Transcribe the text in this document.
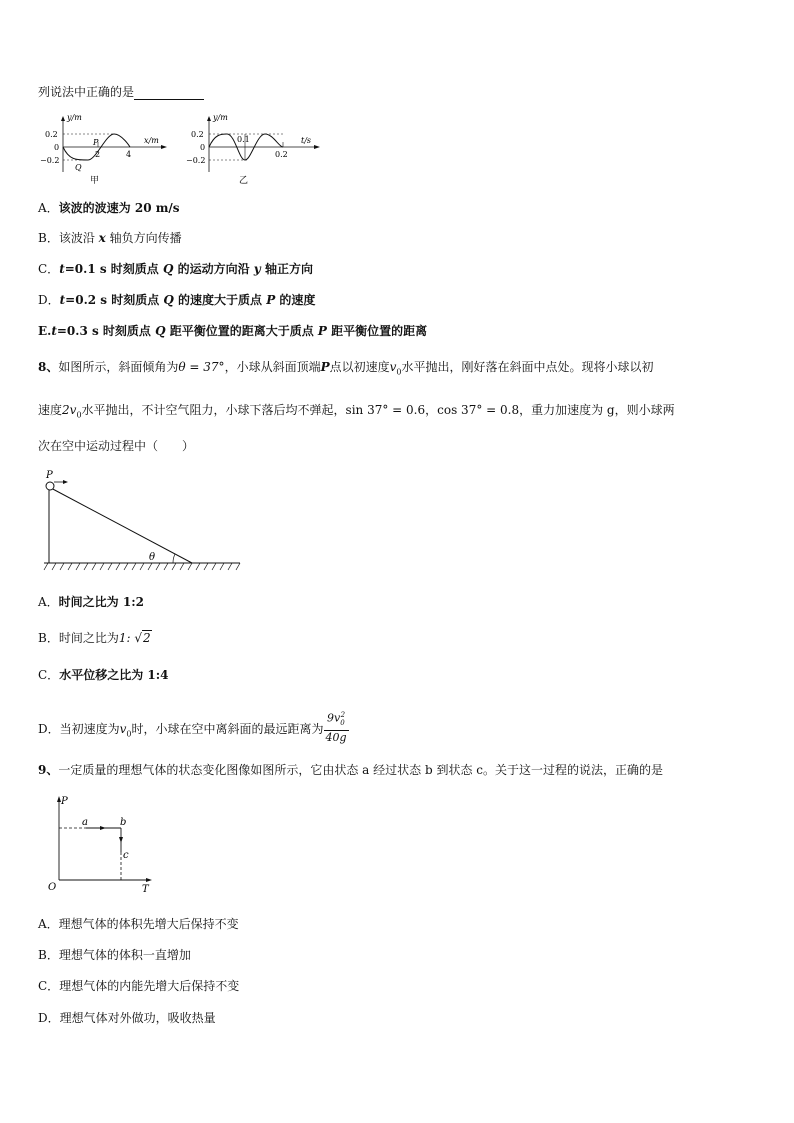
列说法中正确的是
y/m
x/m
0.2
0
−0.2
2	4
P
Q
甲
y/m
t/s
0.2
0
−0.2
0.1
0.2
乙
A．该波的波速为 20 m/s
B．该波沿 x 轴负方向传播
C．t=0.1 s 时刻质点 Q 的运动方向沿 y 轴正方向
D．t=0.2 s 时刻质点 Q 的速度大于质点 P 的速度
E.t=0.3 s 时刻质点 Q 距平衡位置的距离大于质点 P 距平衡位置的距离
8、如图所示，斜面倾角为θ = 37°，小球从斜面顶端P点以初速度$v_0$水平抛出，刚好落在斜面中点处。现将小球以初
速度$2v_0$水平抛出，不计空气阻力，小球下落后均不弹起，sin 37° = 0.6，cos 37° = 0.8，重力加速度为 g，则小球两
次在空中运动过程中（　　）
P
θ
A．时间之比为 1:2
B．时间之比为1: √2
C．水平位移之比为 1:4
D．当初速度为$v_0$时，小球在空中离斜面的最远距离为 $\frac{9v_0^2}{40g}$
9、一定质量的理想气体的状态变化图像如图所示，它由状态 a 经过状态 b 到状态 c。关于这一过程的说法，正确的是
P
T
O
a	b
c
A．理想气体的体积先增大后保持不变
B．理想气体的体积一直增加
C．理想气体的内能先增大后保持不变
D．理想气体对外做功，吸收热量
